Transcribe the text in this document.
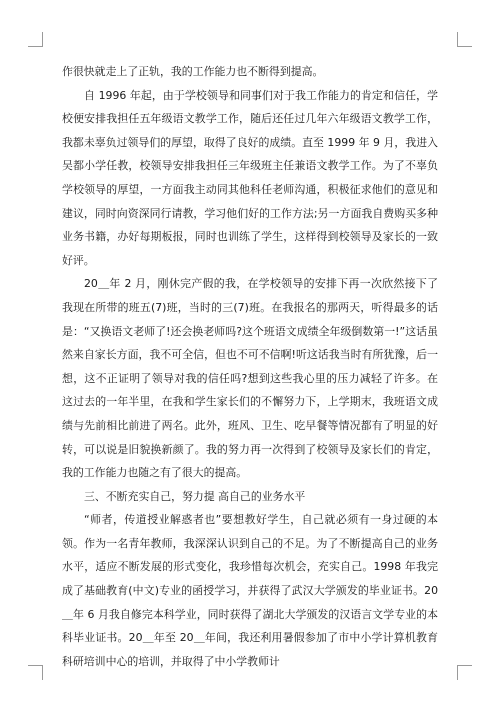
作很快就走上了正轨，我的工作能力也不断得到提高。

自 1996 年起，由于学校领导和同事们对于我工作能力的肯定和信任，学校便安排我担任五年级语文教学工作，随后还任过几年六年级语文教学工作，我都未辜负过领导们的厚望，取得了良好的成绩。直至 1999 年 9 月，我进入吴都小学任教，校领导安排我担任三年级班主任兼语文教学工作。为了不辜负学校领导的厚望，一方面我主动同其他科任老师沟通，积极征求他们的意见和建议，同时向资深同行请教，学习他们好的工作方法;另一方面我自费购买多种业务书籍，办好每期板报，同时也训练了学生，这样得到校领导及家长的一致好评。

20＿年 2 月，刚休完产假的我，在学校领导的安排下再一次欣然接下了我现在所带的班五(7)班，当时的三(7)班。在我报名的那两天，听得最多的话是：“又换语文老师了!还会换老师吗?这个班语文成绩全年级倒数第一!”这话虽然来自家长方面，我不可全信，但也不可不信啊!听这话我当时有所犹豫，后一想，这不正证明了领导对我的信任吗?想到这些我心里的压力减轻了许多。在这过去的一年半里，在我和学生家长们的不懈努力下，上学期末，我班语文成绩与先前相比前进了两名。此外，班风、卫生、吃早餐等情况都有了明显的好转，可以说是旧貌换新颜了。我的努力再一次得到了校领导及家长们的肯定，我的工作能力也随之有了很大的提高。

三、不断充实自己，努力提 高自己的业务水平

“师者，传道授业解惑者也”要想教好学生，自己就必须有一身过硬的本领。作为一名青年教师，我深深认识到自己的不足。为了不断提高自己的业务水平，适应不断发展的形式变化，我珍惜每次机会，充实自己。1998 年我完成了基础教育(中文)专业的函授学习，并获得了武汉大学颁发的毕业证书。20＿年 6 月我自修完本科学业，同时获得了湖北大学颁发的汉语言文学专业的本科毕业证书。20＿年至 20＿年间，我还利用暑假参加了市中小学计算机教育科研培训中心的培训，并取得了中小学教师计
